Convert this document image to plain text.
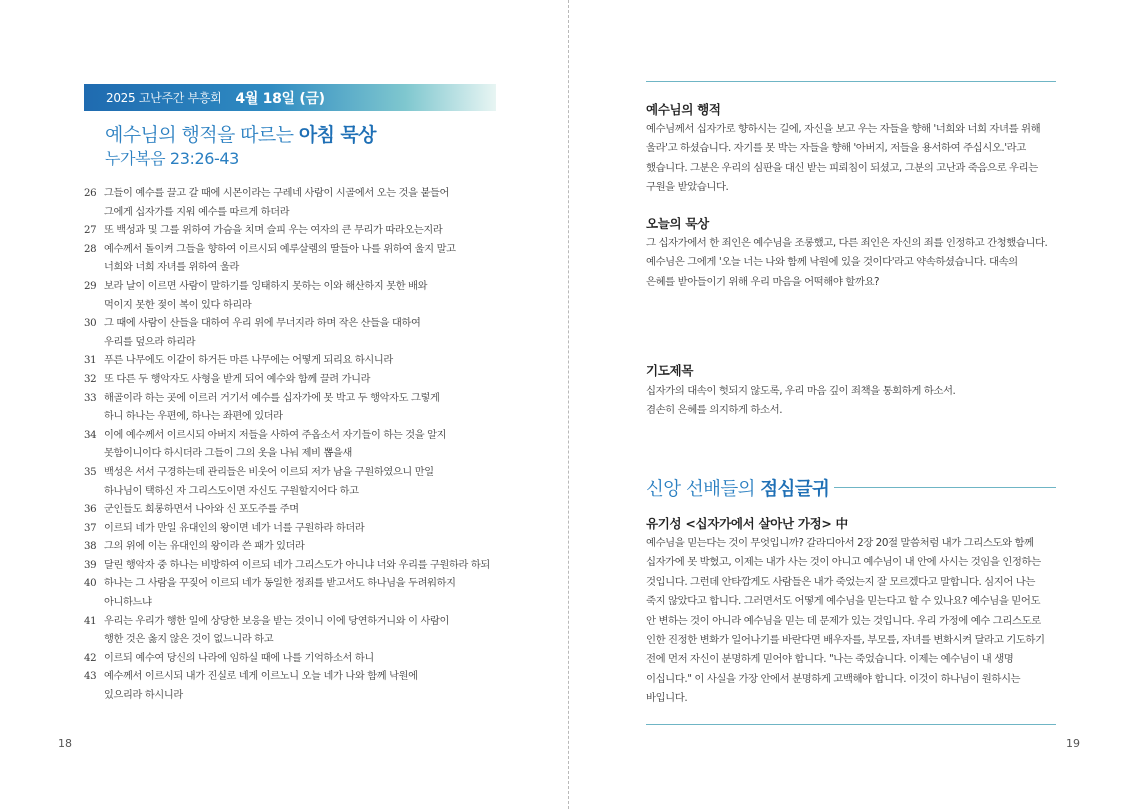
2025 고난주간 부흥회 4월 18일 (금)
예수님의 행적을 따르는 아침 묵상
누가복음 23:26-43
26 그들이 예수를 끌고 갈 때에 시몬이라는 구레네 사람이 시골에서 오는 것을 붙들어
그에게 십자가를 지워 예수를 따르게 하더라
27 또 백성과 및 그를 위하여 가슴을 치며 슬피 우는 여자의 큰 무리가 따라오는지라
28 예수께서 돌이켜 그들을 향하여 이르시되 예루살렘의 딸들아 나를 위하여 울지 말고
너희와 너희 자녀를 위하여 울라
29 보라 날이 이르면 사람이 말하기를 잉태하지 못하는 이와 해산하지 못한 배와
먹이지 못한 젖이 복이 있다 하리라
30 그 때에 사람이 산들을 대하여 우리 위에 무너지라 하며 작은 산들을 대하여
우리를 덮으라 하리라
31 푸른 나무에도 이같이 하거든 마른 나무에는 어떻게 되리요 하시니라
32 또 다른 두 행악자도 사형을 받게 되어 예수와 함께 끌려 가니라
33 해골이라 하는 곳에 이르러 거기서 예수를 십자가에 못 박고 두 행악자도 그렇게
하니 하나는 우편에, 하나는 좌편에 있더라
34 이에 예수께서 이르시되 아버지 저들을 사하여 주옵소서 자기들이 하는 것을 알지
못함이니이다 하시더라 그들이 그의 옷을 나눠 제비 뽑을새
35 백성은 서서 구경하는데 관리들은 비웃어 이르되 저가 남을 구원하였으니 만일
하나님이 택하신 자 그리스도이면 자신도 구원할지어다 하고
36 군인들도 희롱하면서 나아와 신 포도주를 주며
37 이르되 네가 만일 유대인의 왕이면 네가 너를 구원하라 하더라
38 그의 위에 이는 유대인의 왕이라 쓴 패가 있더라
39 달린 행악자 중 하나는 비방하여 이르되 네가 그리스도가 아니냐 너와 우리를 구원하라 하되
40 하나는 그 사람을 꾸짖어 이르되 네가 동일한 정죄를 받고서도 하나님을 두려워하지
아니하느냐
41 우리는 우리가 행한 일에 상당한 보응을 받는 것이니 이에 당연하거니와 이 사람이
행한 것은 옳지 않은 것이 없느니라 하고
42 이르되 예수여 당신의 나라에 임하실 때에 나를 기억하소서 하니
43 예수께서 이르시되 내가 진실로 네게 이르노니 오늘 네가 나와 함께 낙원에
있으리라 하시니라
18
예수님의 행적

예수님께서 십자가로 향하시는 길에, 자신을 보고 우는 자들을 향해 '너희와 너희 자녀를 위해
울라'고 하셨습니다. 자기를 못 박는 자들을 향해 '아버지, 저들을 용서하여 주십시오.'라고
했습니다. 그분은 우리의 심판을 대신 받는 피뢰침이 되셨고, 그분의 고난과 죽음으로 우리는
구원을 받았습니다.

오늘의 묵상

그 십자가에서 한 죄인은 예수님을 조롱했고, 다른 죄인은 자신의 죄를 인정하고 간청했습니다.
예수님은 그에게 '오늘 너는 나와 함께 낙원에 있을 것이다'라고 약속하셨습니다. 대속의
은혜를 받아들이기 위해 우리 마음을 어떡해야 할까요?

기도제목

십자가의 대속이 헛되지 않도록, 우리 마음 깊이 죄책을 통회하게 하소서.
겸손히 은혜를 의지하게 하소서.

신앙 선배들의 점심글귀
유기성 <십자가에서 살아난 가정> 中

예수님을 믿는다는 것이 무엇입니까? 갈라디아서 2장 20절 말씀처럼 내가 그리스도와 함께
십자가에 못 박혔고, 이제는 내가 사는 것이 아니고 예수님이 내 안에 사시는 것임을 인정하는
것입니다. 그런데 안타깝게도 사람들은 내가 죽었는지 잘 모르겠다고 말합니다. 심지어 나는
죽지 않았다고 합니다. 그러면서도 어떻게 예수님을 믿는다고 할 수 있나요? 예수님을 믿어도
안 변하는 것이 아니라 예수님을 믿는 데 문제가 있는 것입니다. 우리 가정에 예수 그리스도로
인한 진정한 변화가 일어나기를 바란다면 배우자를, 부모를, 자녀를 변화시켜 달라고 기도하기
전에 먼저 자신이 분명하게 믿어야 합니다. "나는 죽었습니다. 이제는 예수님이 내 생명
이십니다." 이 사실을 가장 안에서 분명하게 고백해야 합니다. 이것이 하나님이 원하시는
바입니다.

19
